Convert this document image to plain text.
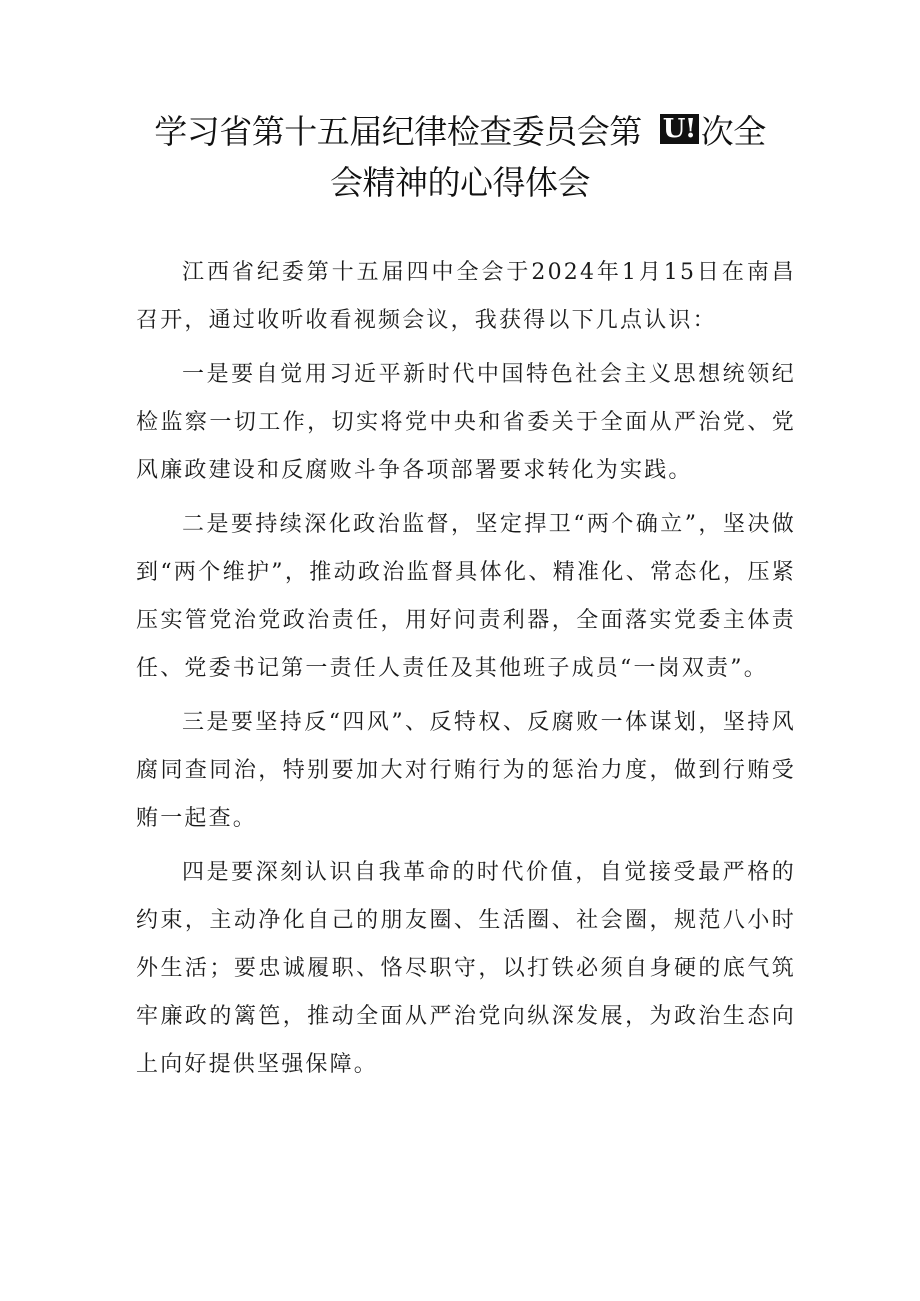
学习省第十五届纪律检查委员会第 U! 次全
会精神的心得体会

江西省纪委第十五届四中全会于2024年1月15日在南昌召开，通过收听收看视频会议，我获得以下几点认识：

一是要自觉用习近平新时代中国特色社会主义思想统领纪检监察一切工作，切实将党中央和省委关于全面从严治党、党风廉政建设和反腐败斗争各项部署要求转化为实践。

二是要持续深化政治监督，坚定捍卫“两个确立”，坚决做到“两个维护”，推动政治监督具体化、精准化、常态化，压紧压实管党治党政治责任，用好问责利器，全面落实党委主体责任、党委书记第一责任人责任及其他班子成员“一岗双责”。

三是要坚持反“四风”、反特权、反腐败一体谋划，坚持风腐同查同治，特别要加大对行贿行为的惩治力度，做到行贿受贿一起查。

四是要深刻认识自我革命的时代价值，自觉接受最严格的约束，主动净化自己的朋友圈、生活圈、社会圈，规范八小时外生活；要忠诚履职、恪尽职守，以打铁必须自身硬的底气筑牢廉政的篱笆，推动全面从严治党向纵深发展，为政治生态向上向好提供坚强保障。
